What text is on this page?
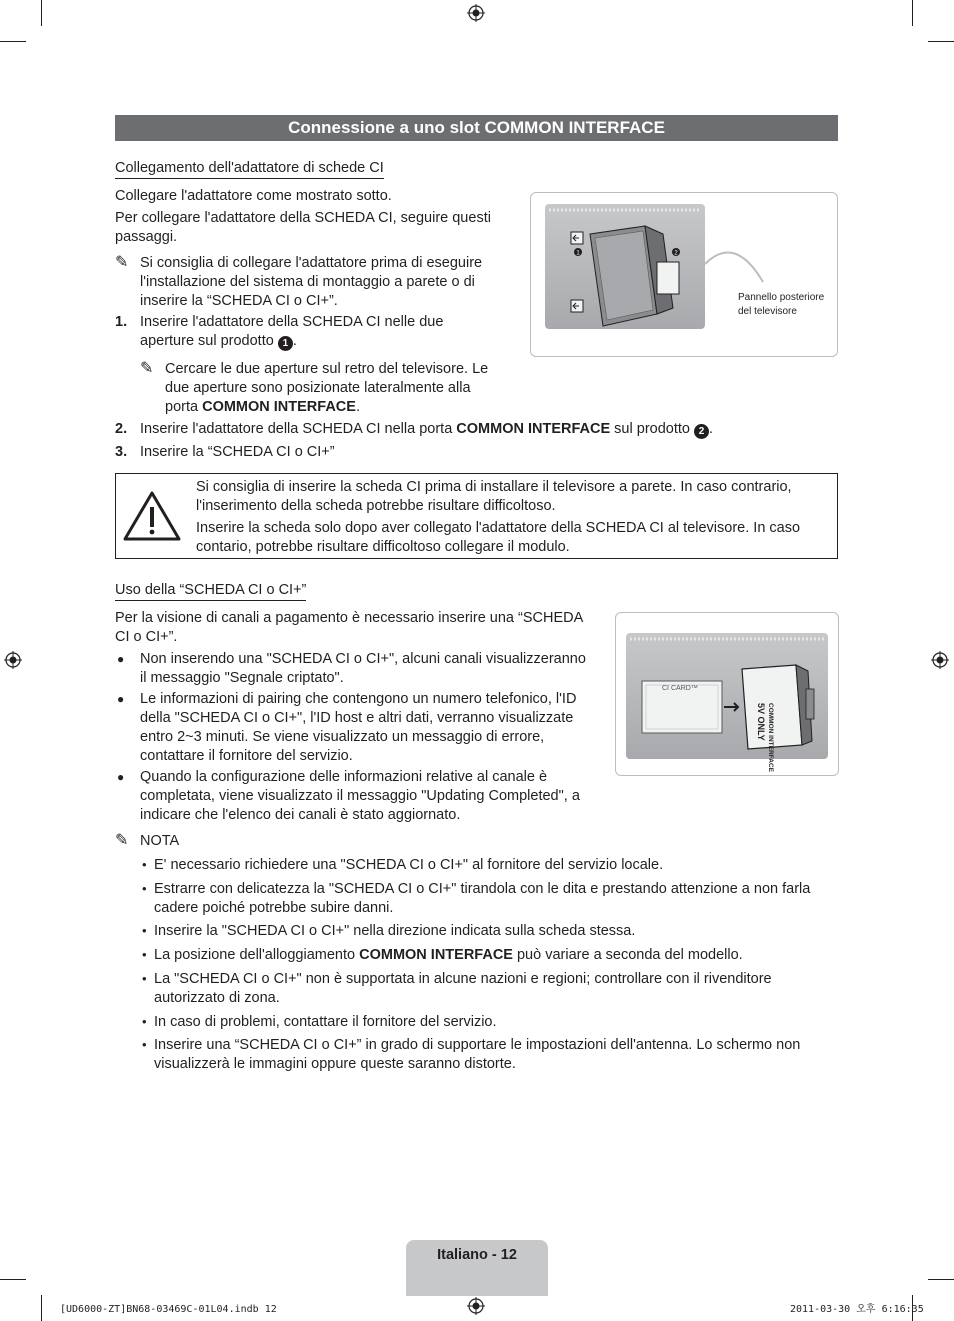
Connessione a uno slot COMMON INTERFACE
Collegamento dell'adattatore di schede CI
Collegare l'adattatore come mostrato sotto.
Per collegare l'adattatore della SCHEDA CI, seguire questi
passaggi.
✎ Si consiglia di collegare l'adattatore prima di eseguire
l'installazione del sistema di montaggio a parete o di
inserire la “SCHEDA CI o CI+”.
1. Inserire l'adattatore della SCHEDA CI nelle due
aperture sul prodotto 1 .
✎ Cercare le due aperture sul retro del televisore. Le
due aperture sono posizionate lateralmente alla
porta COMMON INTERFACE.
2. Inserire l'adattatore della SCHEDA CI nella porta COMMON INTERFACE sul prodotto 2 .
3. Inserire la “SCHEDA CI o CI+”
1	2
Pannello posteriore
del televisore
Si consiglia di inserire la scheda CI prima di installare il televisore a parete. In caso contrario,
l'inserimento della scheda potrebbe risultare difficoltoso.
Inserire la scheda solo dopo aver collegato l'adattatore della SCHEDA CI al televisore. In caso
contario, potrebbe risultare difficoltoso collegare il modulo.
Uso della “SCHEDA CI o CI+”
Per la visione di canali a pagamento è necessario inserire una “SCHEDA
CI o CI+”.
● Non inserendo una "SCHEDA CI o CI+", alcuni canali visualizzeranno
il messaggio "Segnale criptato".
● Le informazioni di pairing che contengono un numero telefonico, l'ID
della "SCHEDA CI o CI+", l'ID host e altri dati, verranno visualizzate
entro 2~3 minuti. Se viene visualizzato un messaggio di errore,
contattare il fornitore del servizio.
● Quando la configurazione delle informazioni relative al canale è
completata, viene visualizzato il messaggio "Updating Completed", a
indicare che l'elenco dei canali è stato aggiornato.
CI CARD™
COMMON INTERFACE
5V ONLY
✎ NOTA
• E' necessario richiedere una "SCHEDA CI o CI+" al fornitore del servizio locale.
• Estrarre con delicatezza la "SCHEDA CI o CI+" tirandola con le dita e prestando attenzione a non farla
cadere poiché potrebbe subire danni.
• Inserire la "SCHEDA CI o CI+" nella direzione indicata sulla scheda stessa.
• La posizione dell'alloggiamento COMMON INTERFACE può variare a seconda del modello.
• La "SCHEDA CI o CI+" non è supportata in alcune nazioni e regioni; controllare con il rivenditore
autorizzato di zona.
• In caso di problemi, contattare il fornitore del servizio.
• Inserire una “SCHEDA CI o CI+” in grado di supportare le impostazioni dell'antenna. Lo schermo non
visualizzerà le immagini oppure queste saranno distorte.
Italiano - 12
[UD6000-ZT]BN68-03469C-01L04.indb 12	2011-03-30 오후 6:16:35
